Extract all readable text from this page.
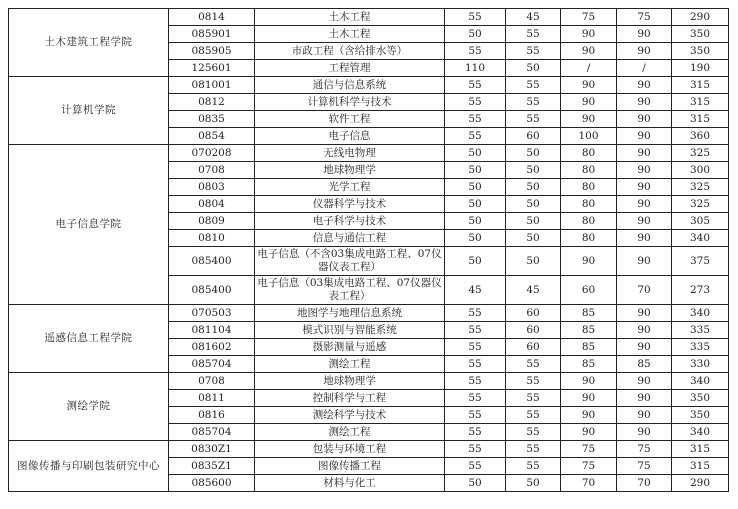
土木建筑工程学院	0814	土木工程	55	45	75	75	290
	085901	土木工程	50	55	90	90	350
	085905	市政工程（含给排水等）	55	55	90	90	350
	125601	工程管理	110	50	/	/	190
计算机学院	081001	通信与信息系统	55	55	90	90	315
	0812	计算机科学与技术	55	55	90	90	315
	0835	软件工程	55	55	90	90	315
	0854	电子信息	55	60	100	90	360
电子信息学院	070208	无线电物理	50	50	80	90	325
	0708	地球物理学	50	50	80	90	300
	0803	光学工程	50	50	80	90	325
	0804	仪器科学与技术	50	50	80	90	325
	0809	电子科学与技术	50	50	80	90	305
	0810	信息与通信工程	50	50	80	90	340
	085400	电子信息（不含03集成电路工程、07仪器仪表工程）	50	50	90	90	375
	085400	电子信息（03集成电路工程、07仪器仪表工程）	45	45	60	70	273
遥感信息工程学院	070503	地图学与地理信息系统	55	60	85	90	340
	081104	模式识别与智能系统	55	60	85	90	335
	081602	摄影测量与遥感	55	60	85	90	335
	085704	测绘工程	55	55	85	85	330
测绘学院	0708	地球物理学	55	55	90	90	340
	0811	控制科学与工程	55	55	90	90	350
	0816	测绘科学与技术	55	55	90	90	350
	085704	测绘工程	55	55	90	90	340
图像传播与印刷包装研究中心	0830Z1	包装与环境工程	55	55	75	75	315
	0835Z1	图像传播工程	55	55	75	75	315
	085600	材料与化工	50	50	70	70	290
